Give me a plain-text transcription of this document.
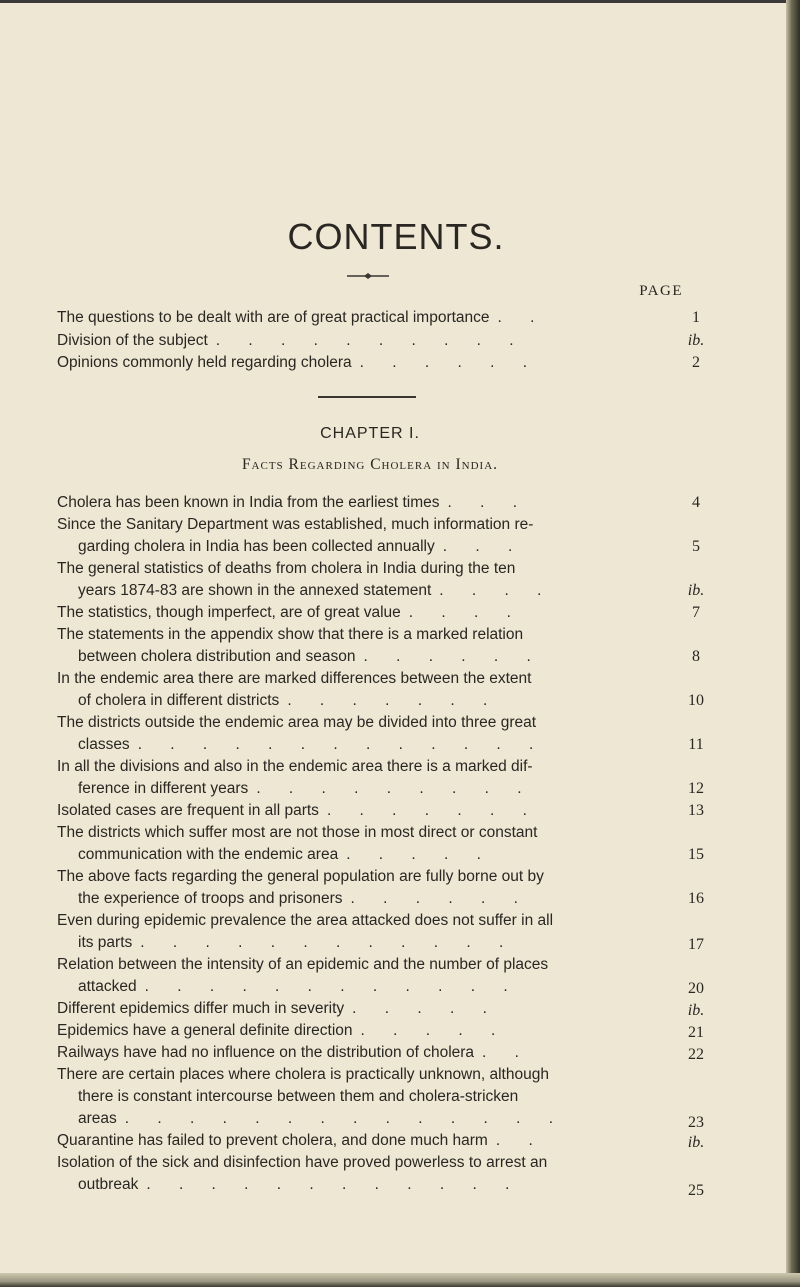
CONTENTS.
PAGE
The questions to be dealt with are of great practical importance . .	1
Division of the subject . . . . . . . . . .	ib.
Opinions commonly held regarding cholera . . . . . .	2
CHAPTER I.
Facts Regarding Cholera in India.
Cholera has been known in India from the earliest times . . .	4
Since the Sanitary Department was established, much information re-
garding cholera in India has been collected annually . . .	5
The general statistics of deaths from cholera in India during the ten
years 1874-83 are shown in the annexed statement . . . .	ib.
The statistics, though imperfect, are of great value . . . .	7
The statements in the appendix show that there is a marked relation
between cholera distribution and season . . . . . .	8
In the endemic area there are marked differences between the extent
of cholera in different districts . . . . . . .	10
The districts outside the endemic area may be divided into three great
classes . . . . . . . . . . . . .	11
In all the divisions and also in the endemic area there is a marked dif-
ference in different years . . . . . . . . .	12
Isolated cases are frequent in all parts . . . . . . .	13
The districts which suffer most are not those in most direct or constant
communication with the endemic area . . . . .	15
The above facts regarding the general population are fully borne out by
the experience of troops and prisoners . . . . . .	16
Even during epidemic prevalence the area attacked does not suffer in all
its parts . . . . . . . . . . . .	17
Relation between the intensity of an epidemic and the number of places
attacked . . . . . . . . . . . .	20
Different epidemics differ much in severity . . . . .	ib.
Epidemics have a general definite direction . . . . .	21
Railways have had no influence on the distribution of cholera . .	22
There are certain places where cholera is practically unknown, although
there is constant intercourse between them and cholera-stricken
areas . . . . . . . . . . . . . .	23
Quarantine has failed to prevent cholera, and done much harm . .	ib.
Isolation of the sick and disinfection have proved powerless to arrest an
outbreak . . . . . . . . . . . .	25
